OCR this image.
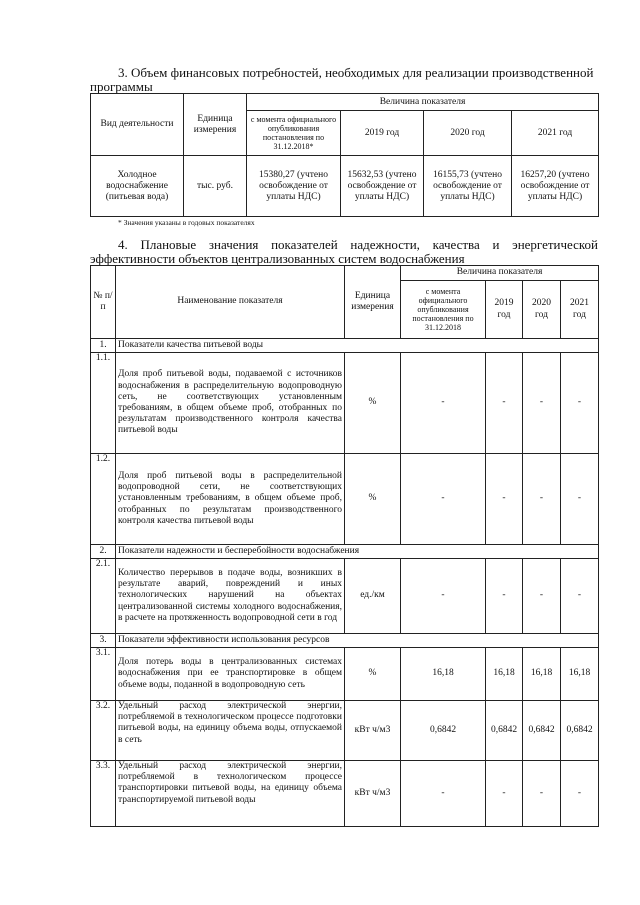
3. Объем финансовых потребностей, необходимых для реализации производственной
программы
Вид деятельности	Единица измерения	Величина показателя			
		с момента официального опубликования постановления по 31.12.2018*	2019 год	2020 год	2021 год
Холодное водоснабжение (питьевая вода)	тыс. руб.	15380,27 (учтено освобождение от уплаты НДС)	15632,53 (учтено освобождение от уплаты НДС)	16155,73 (учтено освобождение от уплаты НДС)	16257,20 (учтено освобождение от уплаты НДС)
* Значения указаны в годовых показателях
4. Плановые значения показателей надежности, качества и энергетической
эффективности объектов централизованных систем водоснабжения
№ п/п	Наименование показателя	Единица измерения	Величина показателя			
			с момента официального опубликования постановления по 31.12.2018	2019 год	2020 год	2021 год
1.	Показатели качества питьевой воды					
1.1.	Доля проб питьевой воды, подаваемой с источников водоснабжения в распределительную водопроводную сеть, не соответствующих установленным требованиям, в общем объеме проб, отобранных по результатам производственного контроля качества питьевой воды	%	-	-	-	-
1.2.	Доля проб питьевой воды в распределительной водопроводной сети, не соответствующих установленным требованиям, в общем объеме проб, отобранных по результатам производственного контроля качества питьевой воды	%	-	-	-	-
2.	Показатели надежности и бесперебойности водоснабжения					
2.1.	Количество перерывов в подаче воды, возникших в результате аварий, повреждений и иных технологических нарушений на объектах централизованной системы холодного водоснабжения, в расчете на протяженность водопроводной сети в год	ед./км	-	-	-	-
3.	Показатели эффективности использования ресурсов					
3.1.	Доля потерь воды в централизованных системах водоснабжения при ее транспортировке в общем объеме воды, поданной в водопроводную сеть	%	16,18	16,18	16,18	16,18
3.2.	Удельный расход электрической энергии, потребляемой в технологическом процессе подготовки питьевой воды, на единицу объема воды, отпускаемой в сеть	кВт ч/м3	0,6842	0,6842	0,6842	0,6842
3.3.	Удельный расход электрической энергии, потребляемой в технологическом процессе транспортировки питьевой воды, на единицу объема транспортируемой питьевой воды	кВт ч/м3	-	-	-	-
